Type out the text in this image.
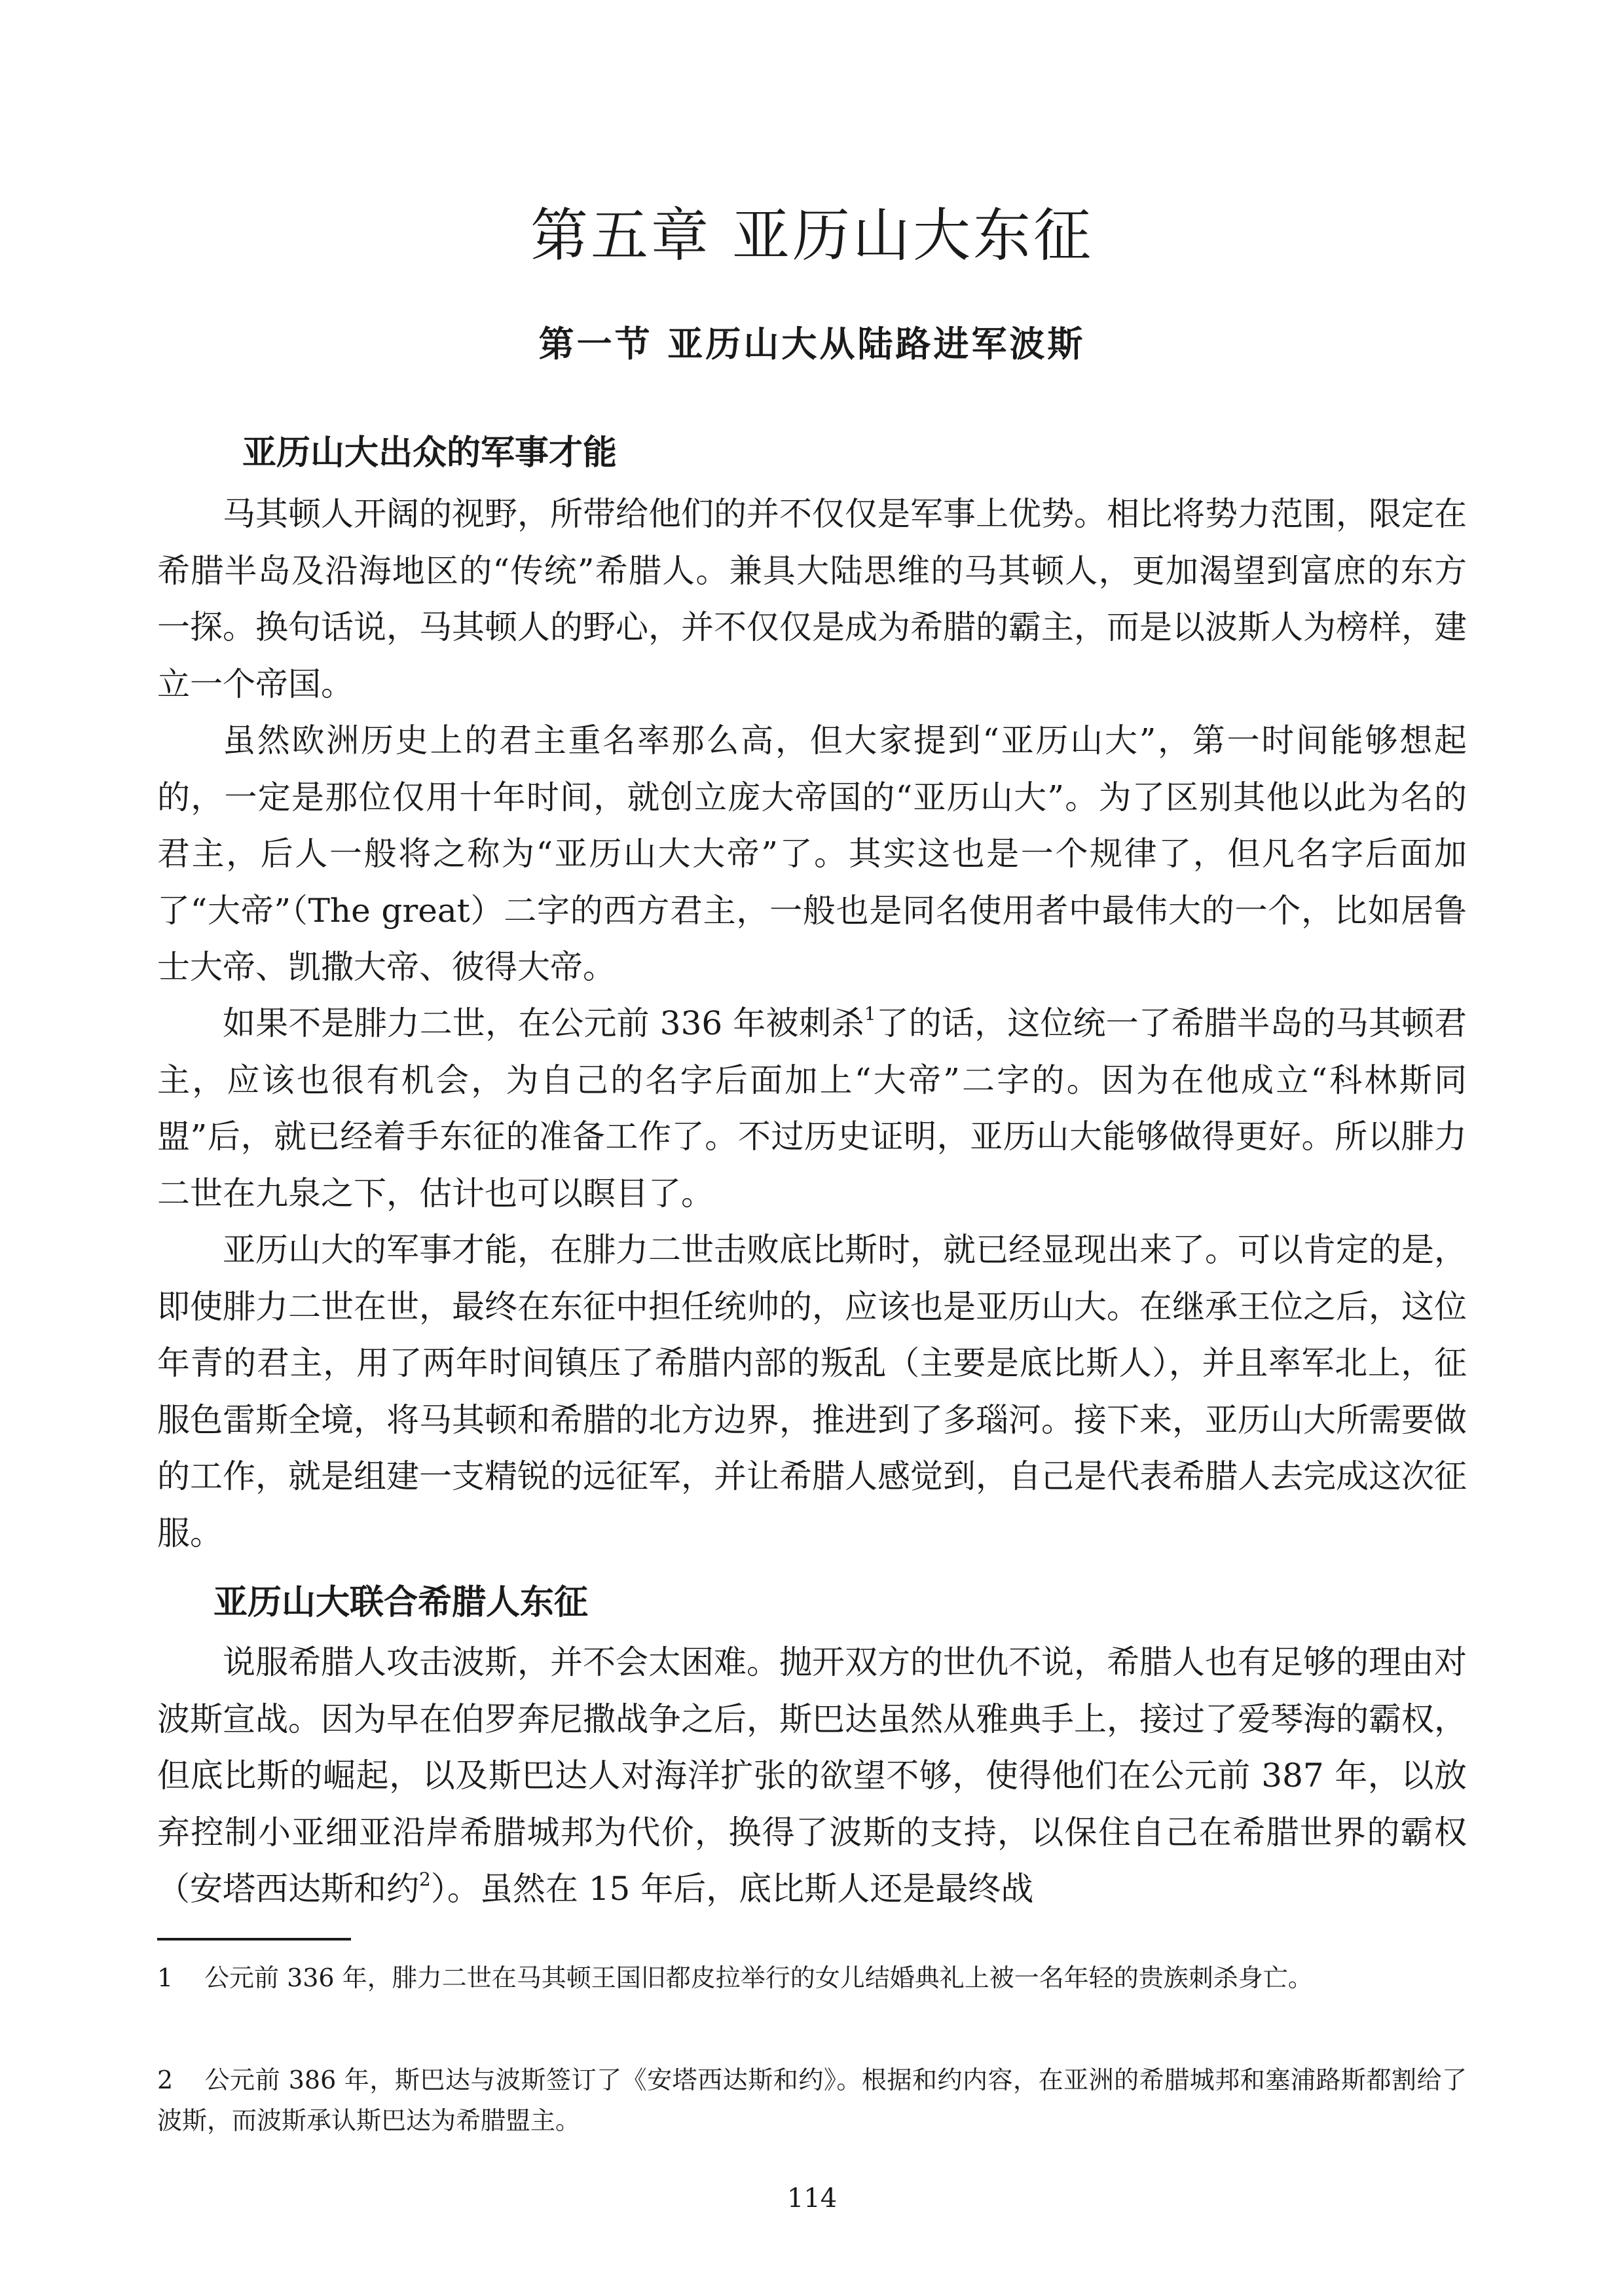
第五章 亚历山大东征
第一节 亚历山大从陆路进军波斯
亚历山大出众的军事才能

马其顿人开阔的视野，所带给他们的并不仅仅是军事上优势。相比将势力范围，限定在希腊半岛及沿海地区的“传统”希腊人。兼具大陆思维的马其顿人，更加渴望到富庶的东方一探。换句话说，马其顿人的野心，并不仅仅是成为希腊的霸主，而是以波斯人为榜样，建立一个帝国。

虽然欧洲历史上的君主重名率那么高，但大家提到“亚历山大”，第一时间能够想起的，一定是那位仅用十年时间，就创立庞大帝国的“亚历山大”。为了区别其他以此为名的君主，后人一般将之称为“亚历山大大帝”了。其实这也是一个规律了，但凡名字后面加了“大帝”（The great）二字的西方君主，一般也是同名使用者中最伟大的一个，比如居鲁士大帝、凯撒大帝、彼得大帝。

如果不是腓力二世，在公元前 336 年被刺杀$^1$了的话，这位统一了希腊半岛的马其顿君主，应该也很有机会，为自己的名字后面加上“大帝”二字的。因为在他成立“科林斯同盟”后，就已经着手东征的准备工作了。不过历史证明，亚历山大能够做得更好。所以腓力二世在九泉之下，估计也可以瞑目了。

亚历山大的军事才能，在腓力二世击败底比斯时，就已经显现出来了。可以肯定的是，即使腓力二世在世，最终在东征中担任统帅的，应该也是亚历山大。在继承王位之后，这位年青的君主，用了两年时间镇压了希腊内部的叛乱（主要是底比斯人），并且率军北上，征服色雷斯全境，将马其顿和希腊的北方边界，推进到了多瑙河。接下来，亚历山大所需要做的工作，就是组建一支精锐的远征军，并让希腊人感觉到，自己是代表希腊人去完成这次征服。

亚历山大联合希腊人东征

说服希腊人攻击波斯，并不会太困难。抛开双方的世仇不说，希腊人也有足够的理由对波斯宣战。因为早在伯罗奔尼撒战争之后，斯巴达虽然从雅典手上，接过了爱琴海的霸权，但底比斯的崛起，以及斯巴达人对海洋扩张的欲望不够，使得他们在公元前 387 年，以放弃控制小亚细亚沿岸希腊城邦为代价，换得了波斯的支持，以保住自己在希腊世界的霸权（安塔西达斯和约$^2$）。虽然在 15 年后，底比斯人还是最终战

1 公元前 336 年，腓力二世在马其顿王国旧都皮拉举行的女儿结婚典礼上被一名年轻的贵族刺杀身亡。

2 公元前 386 年，斯巴达与波斯签订了《安塔西达斯和约》。根据和约内容，在亚洲的希腊城邦和塞浦路斯都割给了波斯，而波斯承认斯巴达为希腊盟主。

114
